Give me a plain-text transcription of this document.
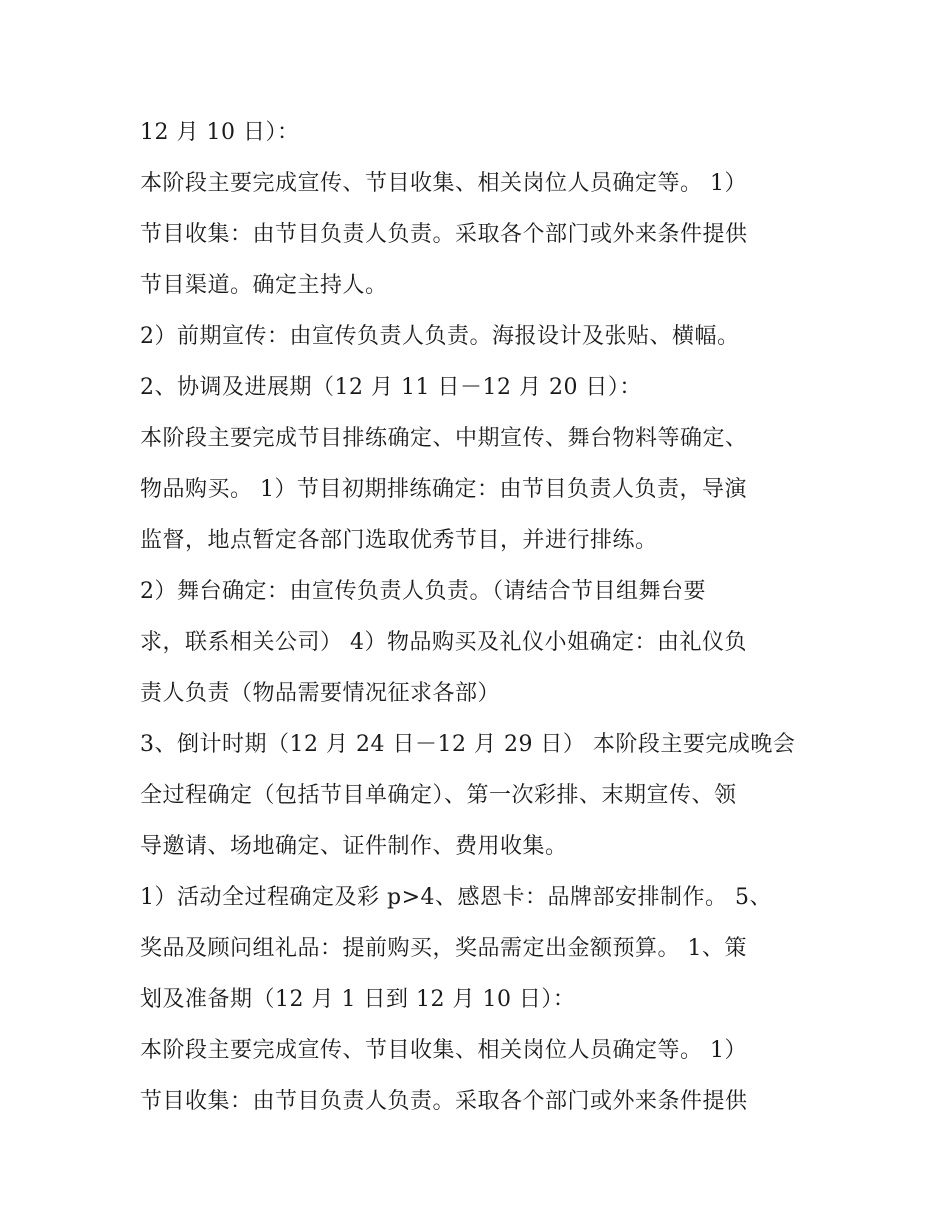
12 月 10 日）：
本阶段主要完成宣传、节目收集、相关岗位人员确定等。 1）
节目收集：由节目负责人负责。采取各个部门或外来条件提供
节目渠道。确定主持人。
2）前期宣传：由宣传负责人负责。海报设计及张贴、横幅。
2、协调及进展期（12 月 11 日－12 月 20 日）：
本阶段主要完成节目排练确定、中期宣传、舞台物料等确定、
物品购买。 1）节目初期排练确定：由节目负责人负责，导演
监督，地点暂定各部门选取优秀节目，并进行排练。
2）舞台确定：由宣传负责人负责。（请结合节目组舞台要
求，联系相关公司） 4）物品购买及礼仪小姐确定：由礼仪负
责人负责（物品需要情况征求各部）
3、倒计时期（12 月 24 日－12 月 29 日） 本阶段主要完成晚会
全过程确定（包括节目单确定）、第一次彩排、末期宣传、领
导邀请、场地确定、证件制作、费用收集。
1）活动全过程确定及彩 p>4、感恩卡：品牌部安排制作。 5、
奖品及顾问组礼品：提前购买，奖品需定出金额预算。 1、策
划及准备期（12 月 1 日到 12 月 10 日）：
本阶段主要完成宣传、节目收集、相关岗位人员确定等。 1）
节目收集：由节目负责人负责。采取各个部门或外来条件提供
